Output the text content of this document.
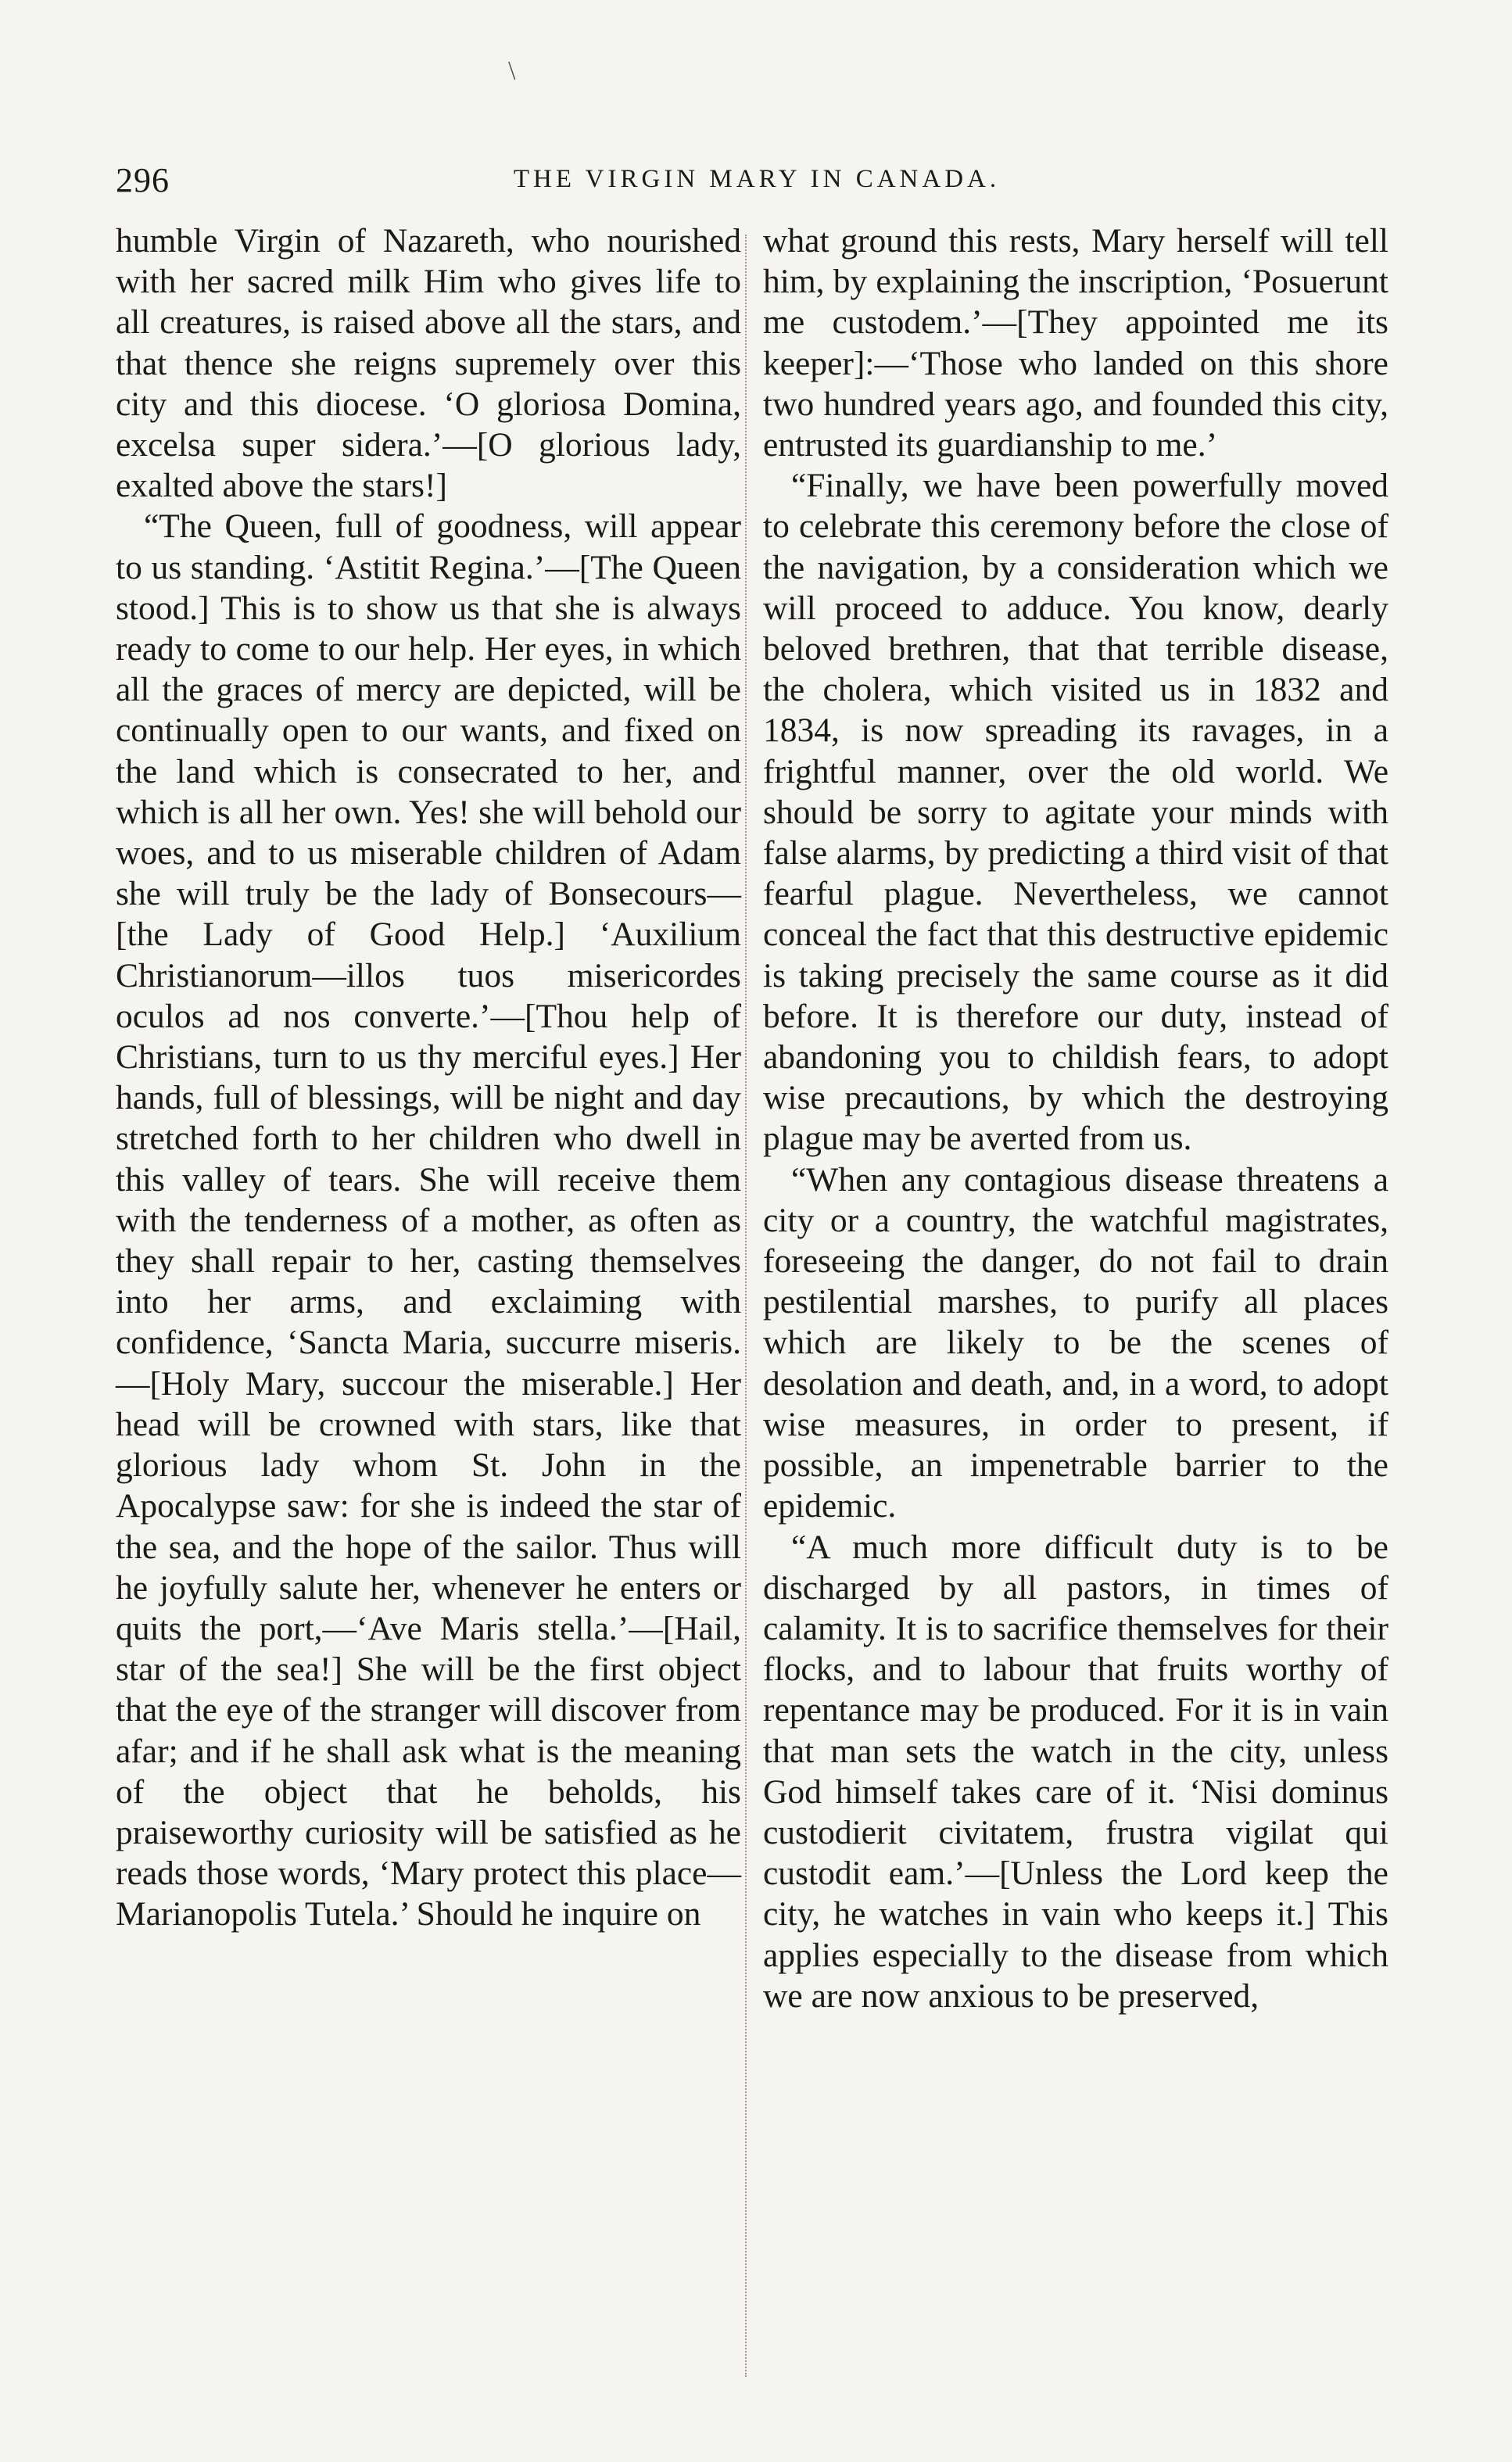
\
296	THE VIRGIN MARY IN CANADA.

humble Virgin of Nazareth, who nourished with her sacred milk Him who gives life to all creatures, is raised above all the stars, and that thence she reigns supremely over this city and this diocese. ‘O gloriosa Domina, excelsa super sidera.’—[O glorious lady, exalted above the stars!]

“The Queen, full of goodness, will appear to us standing. ‘Astitit Regina.’—[The Queen stood.] This is to show us that she is always ready to come to our help. Her eyes, in which all the graces of mercy are depicted, will be continually open to our wants, and fixed on the land which is consecrated to her, and which is all her own. Yes! she will behold our woes, and to us miserable children of Adam she will truly be the lady of Bonsecours—[the Lady of Good Help.] ‘Auxilium Christianorum—illos tuos misericordes oculos ad nos converte.’—[Thou help of Christians, turn to us thy merciful eyes.] Her hands, full of blessings, will be night and day stretched forth to her children who dwell in this valley of tears. She will receive them with the tenderness of a mother, as often as they shall repair to her, casting themselves into her arms, and exclaiming with confidence, ‘Sancta Maria, succurre miseris.—[Holy Mary, succour the miserable.] Her head will be crowned with stars, like that glorious lady whom St. John in the Apocalypse saw: for she is indeed the star of the sea, and the hope of the sailor. Thus will he joyfully salute her, whenever he enters or quits the port,—‘Ave Maris stella.’—[Hail, star of the sea!] She will be the first object that the eye of the stranger will discover from afar; and if he shall ask what is the meaning of the object that he beholds, his praiseworthy curiosity will be satisfied as he reads those words, ‘Mary protect this place—Marianopolis Tutela.’ Should he inquire on

what ground this rests, Mary herself will tell him, by explaining the inscription, ‘Posuerunt me custodem.’—[They appointed me its keeper]:—‘Those who landed on this shore two hundred years ago, and founded this city, entrusted its guardianship to me.’

“Finally, we have been powerfully moved to celebrate this ceremony before the close of the navigation, by a consideration which we will proceed to adduce. You know, dearly beloved brethren, that that terrible disease, the cholera, which visited us in 1832 and 1834, is now spreading its ravages, in a frightful manner, over the old world. We should be sorry to agitate your minds with false alarms, by predicting a third visit of that fearful plague. Nevertheless, we cannot conceal the fact that this destructive epidemic is taking precisely the same course as it did before. It is therefore our duty, instead of abandoning you to childish fears, to adopt wise precautions, by which the destroying plague may be averted from us.

“When any contagious disease threatens a city or a country, the watchful magistrates, foreseeing the danger, do not fail to drain pestilential marshes, to purify all places which are likely to be the scenes of desolation and death, and, in a word, to adopt wise measures, in order to present, if possible, an impenetrable barrier to the epidemic.

“A much more difficult duty is to be discharged by all pastors, in times of calamity. It is to sacrifice themselves for their flocks, and to labour that fruits worthy of repentance may be produced. For it is in vain that man sets the watch in the city, unless God himself takes care of it. ‘Nisi dominus custodierit civitatem, frustra vigilat qui custodit eam.’—[Unless the Lord keep the city, he watches in vain who keeps it.] This applies especially to the disease from which we are now anxious to be preserved,
